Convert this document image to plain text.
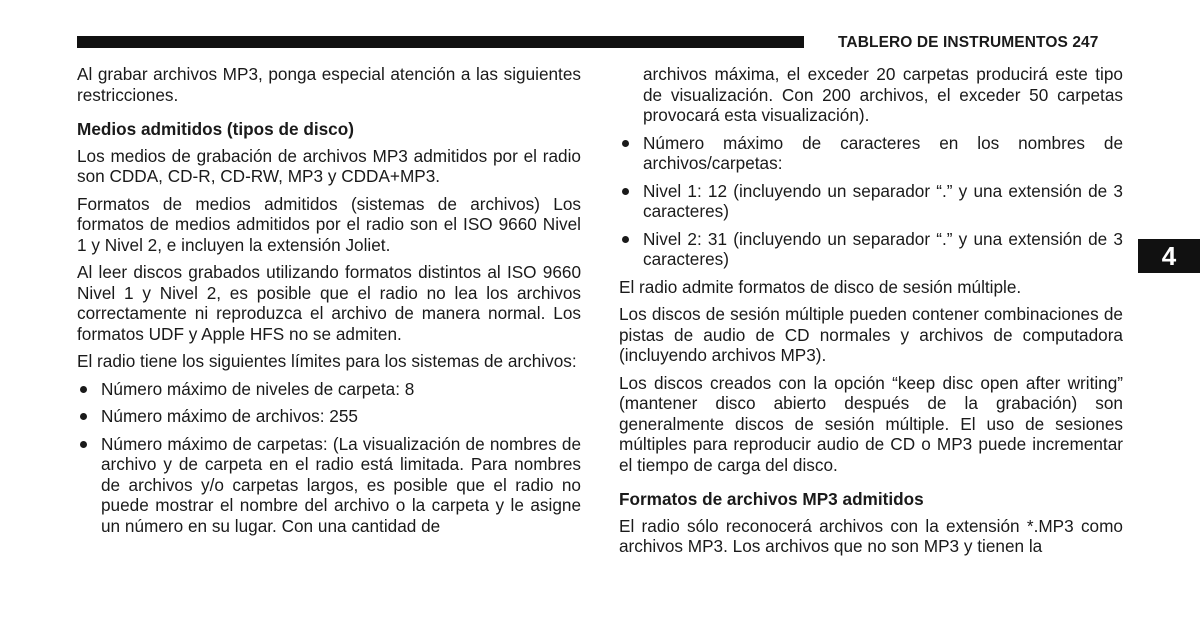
TABLERO DE INSTRUMENTOS 247
4

Al grabar archivos MP3, ponga especial atención a las siguientes restricciones.

Medios admitidos (tipos de disco)

Los medios de grabación de archivos MP3 admitidos por el radio son CDDA, CD-R, CD-RW, MP3 y CDDA+MP3.

Formatos de medios admitidos (sistemas de archivos) Los formatos de medios admitidos por el radio son el ISO 9660 Nivel 1 y Nivel 2, e incluyen la extensión Joliet.

Al leer discos grabados utilizando formatos distintos al ISO 9660 Nivel 1 y Nivel 2, es posible que el radio no lea los archivos correctamente ni reproduzca el archivo de manera normal. Los formatos UDF y Apple HFS no se admiten.

El radio tiene los siguientes límites para los sistemas de archivos:

Número máximo de niveles de carpeta: 8
Número máximo de archivos: 255
Número máximo de carpetas: (La visualización de nombres de archivo y de carpeta en el radio está limitada. Para nombres de archivos y/o carpetas largos, es posible que el radio no puede mostrar el nombre del archivo o la carpeta y le asigne un número en su lugar. Con una cantidad de
archivos máxima, el exceder 20 carpetas producirá este tipo de visualización. Con 200 archivos, el exceder 50 carpetas provocará esta visualización).
Número máximo de caracteres en los nombres de archivos/carpetas:
Nivel 1: 12 (incluyendo un separador “.” y una extensión de 3 caracteres)
Nivel 2: 31 (incluyendo un separador “.” y una extensión de 3 caracteres)

El radio admite formatos de disco de sesión múltiple.

Los discos de sesión múltiple pueden contener combinaciones de pistas de audio de CD normales y archivos de computadora (incluyendo archivos MP3).

Los discos creados con la opción “keep disc open after writing” (mantener disco abierto después de la grabación) son generalmente discos de sesión múltiple. El uso de sesiones múltiples para reproducir audio de CD o MP3 puede incrementar el tiempo de carga del disco.

Formatos de archivos MP3 admitidos

El radio sólo reconocerá archivos con la extensión *.MP3 como archivos MP3. Los archivos que no son MP3 y tienen la
